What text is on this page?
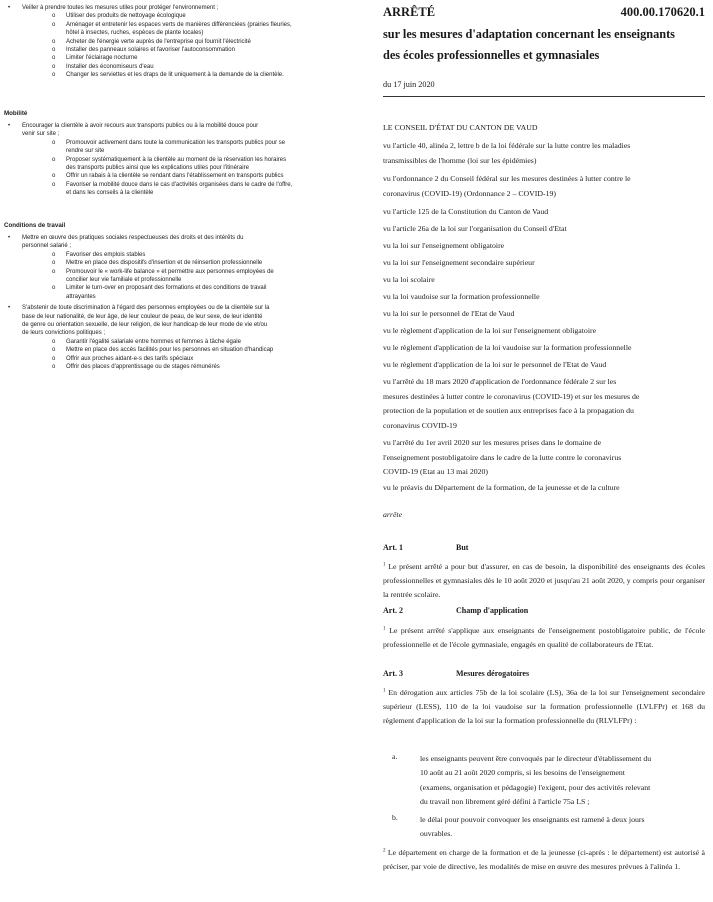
•	Veiller à prendre toutes les mesures utiles pour protéger l'environnement ;
o	Utiliser des produits de nettoyage écologique
o	Aménager et entretenir les espaces verts de manières différenciées (prairies fleuries,
hôtel à insectes, ruches, espèces de plante locales)
o	Acheter de l'énergie verte auprès de l'entreprise qui fournit l'électricité
o	Installer des panneaux solaires et favoriser l'autoconsommation
o	Limiter l'éclairage nocturne
o	Installer des économiseurs d'eau
o	Changer les serviettes et les draps de lit uniquement à la demande de la clientèle.
Mobilité
•	Encourager la clientèle à avoir recours aux transports publics ou à la mobilité douce pour
venir sur site ;
o	Promouvoir activement dans toute la communication les transports publics pour se
rendre sur site
o	Proposer systématiquement à la clientèle au moment de la réservation les horaires
des transports publics ainsi que les explications utiles pour l'itinéraire
o	Offrir un rabais à la clientèle se rendant dans l'établissement en transports publics
o	Favoriser la mobilité douce dans le cas d'activités organisées dans le cadre de l'offre,
et dans les conseils à la clientèle
Conditions de travail
•	Mettre en œuvre des pratiques sociales respectueuses des droits et des intérêts du
personnel salarié ;
o	Favoriser des emplois stables
o	Mettre en place des dispositifs d'insertion et de réinsertion professionnelle
o	Promouvoir le « work-life balance » et permettre aux personnes employées de
concilier leur vie familiale et professionnelle
o	Limiter le turn-over en proposant des formations et des conditions de travail
attrayantes
•	S'abstenir de toute discrimination à l'égard des personnes employées ou de la clientèle sur la
base de leur nationalité, de leur âge, de leur couleur de peau, de leur sexe, de leur identité
de genre ou orientation sexuelle, de leur religion, de leur handicap de leur mode de vie et/ou
de leurs convictions politiques ;
o	Garantir l'égalité salariale entre hommes et femmes à tâche égale
o	Mettre en place des accès facilités pour les personnes en situation d'handicap
o	Offrir aux proches aidant-e-s des tarifs spéciaux
o	Offrir des places d'apprentissage ou de stages rémunérés
ARRÊTÉ	400.00.170620.1
sur les mesures d'adaptation concernant les enseignants
des écoles professionnelles et gymnasiales
du 17 juin 2020
LE CONSEIL D'ÉTAT DU CANTON DE VAUD
vu l'article 40, alinéa 2, lettre b de la loi fédérale sur la lutte contre les maladies
transmissibles de l'homme (loi sur les épidémies)
vu l'ordonnance 2 du Conseil fédéral sur les mesures destinées à lutter contre le
coronavirus (COVID-19) (Ordonnance 2 – COVID-19)
vu l'article 125 de la Constitution du Canton de Vaud
vu l'article 26a de la loi sur l'organisation du Conseil d'Etat
vu la loi sur l'enseignement obligatoire
vu la loi sur l'enseignement secondaire supérieur
vu la loi scolaire
vu la loi vaudoise sur la formation professionnelle
vu la loi sur le personnel de l'Etat de Vaud
vu le règlement d'application de la loi sur l'enseignement obligatoire
vu le règlement d'application de la loi vaudoise sur la formation professionnelle
vu le règlement d'application de la loi sur le personnel de l'Etat de Vaud
vu l'arrêté du 18 mars 2020 d'application de l'ordonnance fédérale 2 sur les
mesures destinées à lutter contre le coronavirus (COVID-19) et sur les mesures de
protection de la population et de soutien aux entreprises face à la propagation du
coronavirus COVID-19
vu l'arrêté du 1er avril 2020 sur les mesures prises dans le domaine de
l'enseignement postobligatoire dans le cadre de la lutte contre le coronavirus
COVID-19 (Etat au 13 mai 2020)
vu le préavis du Département de la formation, de la jeunesse et de la culture
arrête
Art. 1	But
$^1$ Le présent arrêté a pour but d'assurer, en cas de besoin, la disponibilité des enseignants des écoles professionnelles et gymnasiales dès le 10 août 2020 et jusqu'au 21 août 2020, y compris pour organiser la rentrée scolaire.
Art. 2	Champ d'application
$^1$ Le présent arrêté s'applique aux enseignants de l'enseignement postobligatoire public, de l'école professionnelle et de l'école gymnasiale, engagés en qualité de collaborateurs de l'Etat.
Art. 3	Mesures dérogatoires
$^1$ En dérogation aux articles 75b de la loi scolaire (LS), 36a de la loi sur l'enseignement secondaire supérieur (LESS), 110 de la loi vaudoise sur la formation professionnelle (LVLFPr) et 168 du règlement d'application de la loi sur la formation professionnelle du (RLVLFPr) :
a.	les enseignants peuvent être convoqués par le directeur d'établissement du
10 août au 21 août 2020 compris, si les besoins de l'enseignement
(examens, organisation et pédagogie) l'exigent, pour des activités relevant
du travail non librement géré défini à l'article 75a LS ;
b.	le délai pour pouvoir convoquer les enseignants est ramené à deux jours
ouvrables.
$^2$ Le département en charge de la formation et de la jeunesse (ci-après : le département) est autorisé à préciser, par voie de directive, les modalités de mise en œuvre des mesures prévues à l'alinéa 1.
